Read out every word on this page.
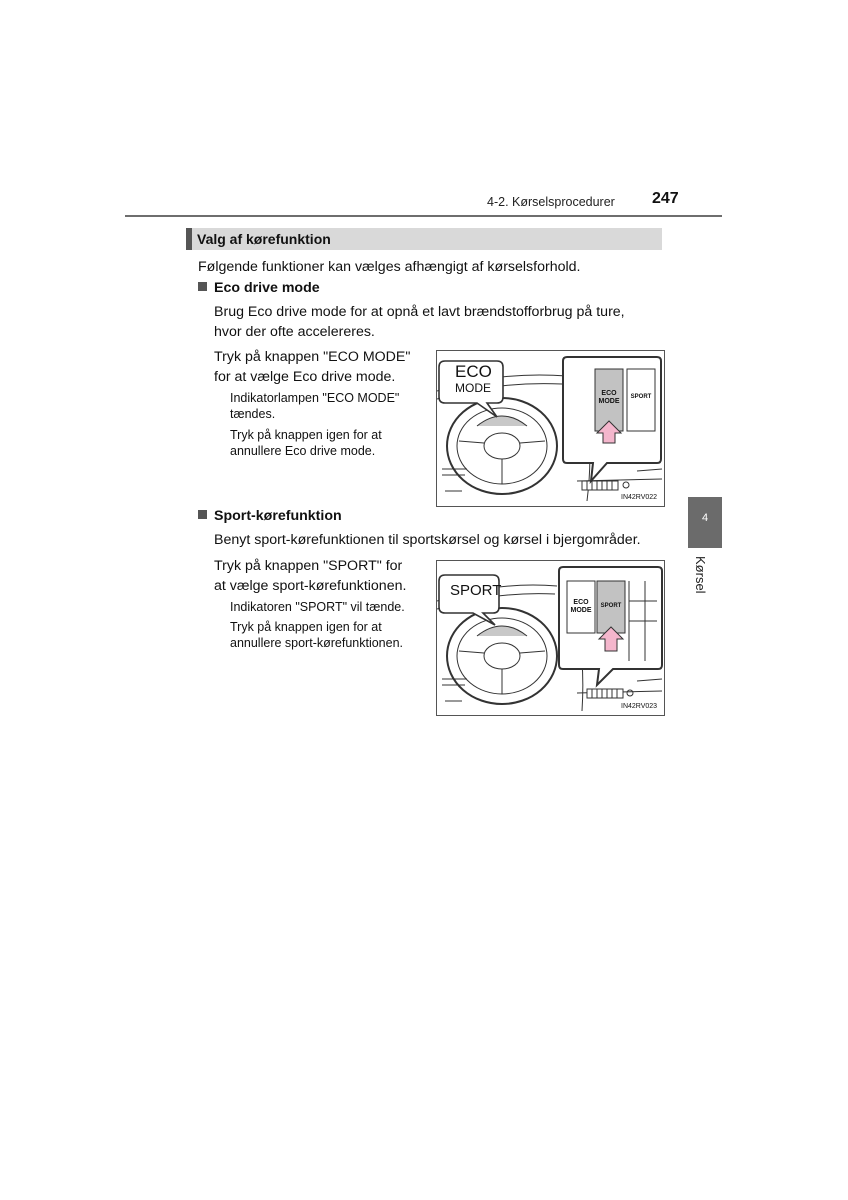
4-2. Kørselsprocedurer 247
Valg af kørefunktion
Følgende funktioner kan vælges afhængigt af kørselsforhold.
Eco drive mode
Brug Eco drive mode for at opnå et lavt brændstofforbrug på ture,
hvor der ofte accelereres.
Tryk på knappen "ECO MODE"
for at vælge Eco drive mode.
Indikatorlampen "ECO MODE"
tændes.
Tryk på knappen igen for at
annullere Eco drive mode.
ECO
MODE	ECO
MODE
SPORT
IN42RV022
Sport-kørefunktion
Benyt sport-kørefunktionen til sportskørsel og kørsel i bjergområder.
Tryk på knappen "SPORT" for
at vælge sport-kørefunktionen.
Indikatoren "SPORT" vil tænde.
Tryk på knappen igen for at
annullere sport-kørefunktionen.
SPORT
ECO
MODE
SPORT
IN42RV023
4
Kørsel
